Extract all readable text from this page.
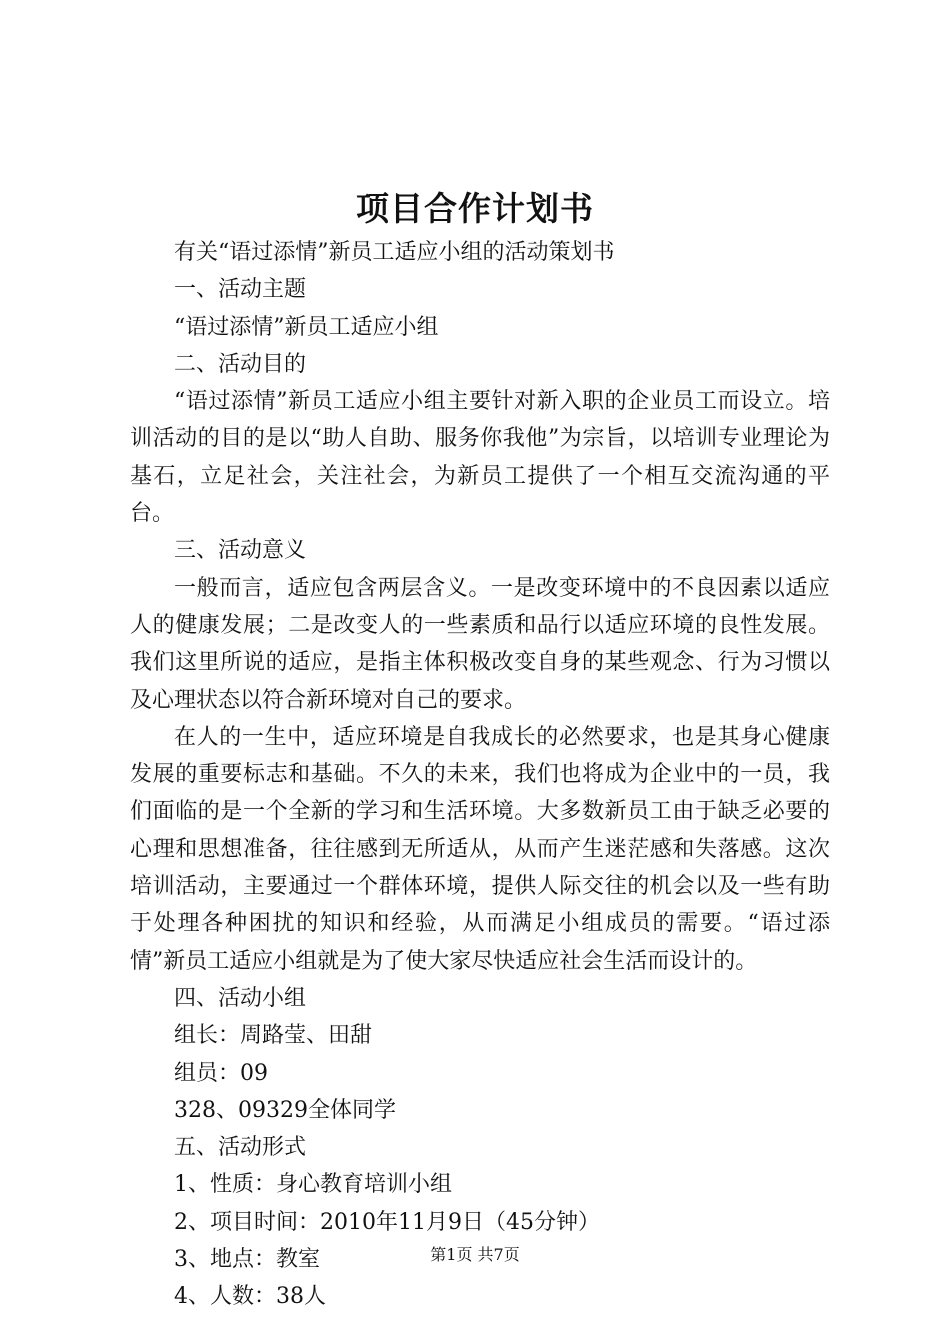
项目合作计划书

有关“语过添情”新员工适应小组的活动策划书

一、活动主题

“语过添情”新员工适应小组

二、活动目的

“语过添情”新员工适应小组主要针对新入职的企业员工而设立。培训活动的目的是以“助人自助、服务你我他”为宗旨，以培训专业理论为基石，立足社会，关注社会，为新员工提供了一个相互交流沟通的平台。

三、活动意义

一般而言，适应包含两层含义。一是改变环境中的不良因素以适应人的健康发展；二是改变人的一些素质和品行以适应环境的良性发展。我们这里所说的适应，是指主体积极改变自身的某些观念、行为习惯以及心理状态以符合新环境对自己的要求。

在人的一生中，适应环境是自我成长的必然要求，也是其身心健康发展的重要标志和基础。不久的未来，我们也将成为企业中的一员，我们面临的是一个全新的学习和生活环境。大多数新员工由于缺乏必要的心理和思想准备，往往感到无所适从，从而产生迷茫感和失落感。这次培训活动，主要通过一个群体环境，提供人际交往的机会以及一些有助于处理各种困扰的知识和经验，从而满足小组成员的需要。“语过添情”新员工适应小组就是为了使大家尽快适应社会生活而设计的。

四、活动小组

组长：周路莹、田甜

组员：09

328、09329全体同学

五、活动形式

1、性质：身心教育培训小组

2、项目时间：2010年11月9日（45分钟）

3、地点：教室

4、人数：38人

第1页 共7页
